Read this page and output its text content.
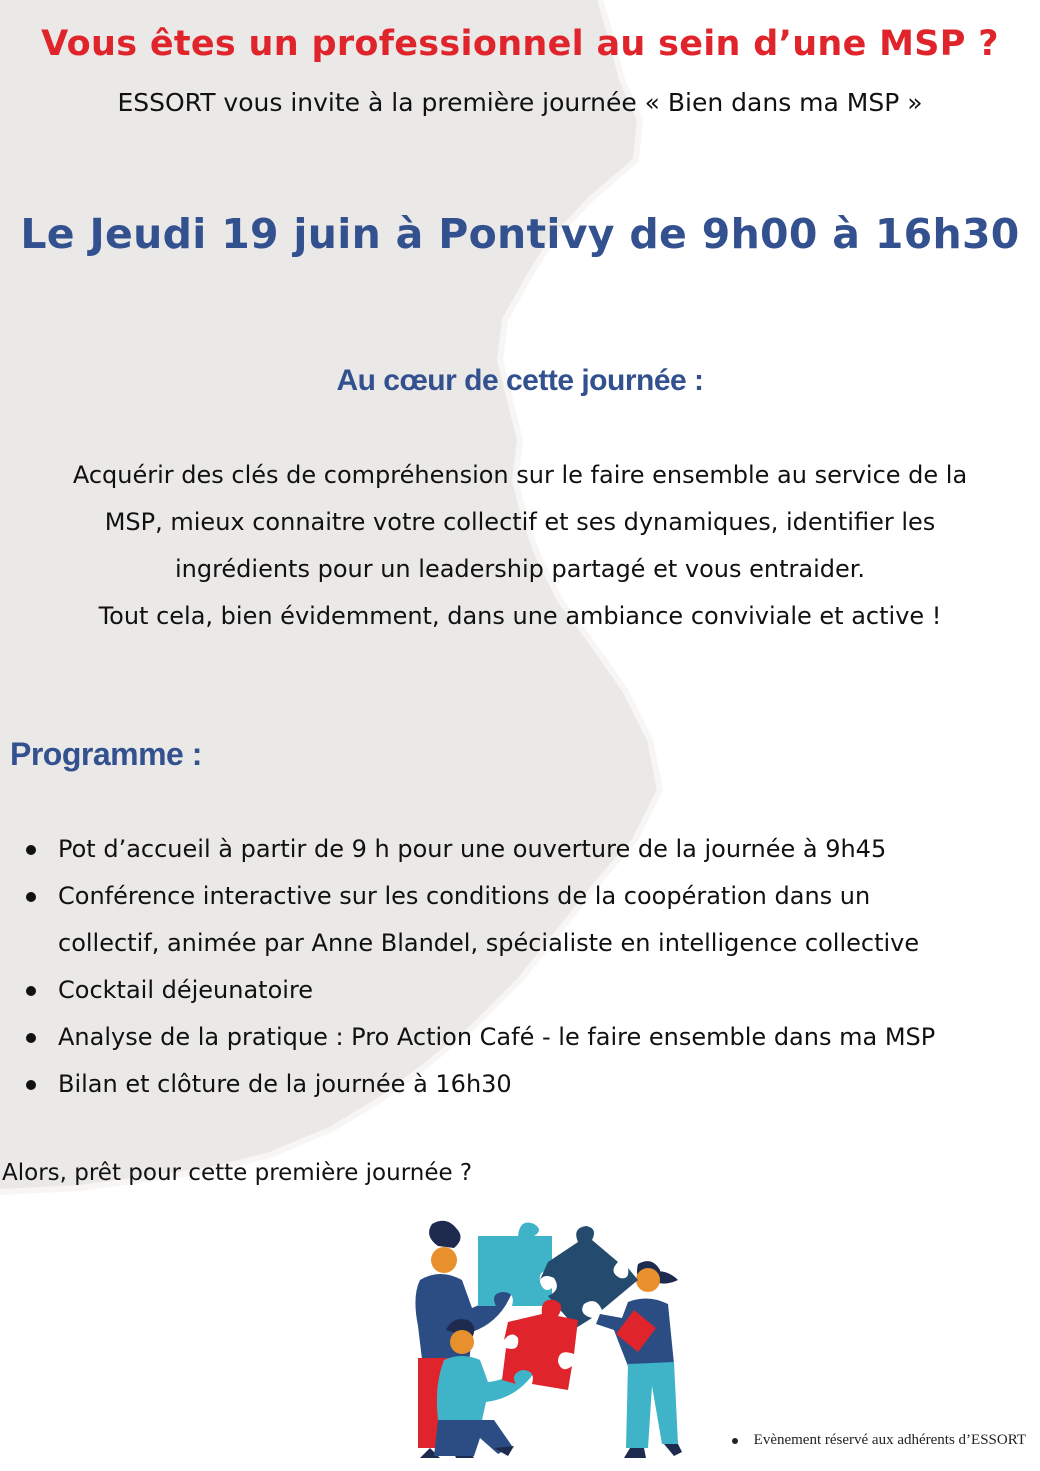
Vous êtes un professionnel au sein d’une MSP ?
ESSORT vous invite à la première journée « Bien dans ma MSP »
Le Jeudi 19 juin à Pontivy de 9h00 à 16h30
Au cœur de cette journée :

Acquérir des clés de compréhension sur le faire ensemble au service de la

MSP, mieux connaitre votre collectif et ses dynamiques, identifier les

ingrédients pour un leadership partagé et vous entraider.

Tout cela, bien évidemment, dans une ambiance conviviale et active !

Programme :
Pot d’accueil à partir de 9 h pour une ouverture de la journée à 9h45
Conférence interactive sur les conditions de la coopération dans un
collectif, animée par Anne Blandel, spécialiste en intelligence collective
Cocktail déjeunatoire
Analyse de la pratique : Pro Action Café - le faire ensemble dans ma MSP
Bilan et clôture de la journée à 16h30
Alors, prêt pour cette première journée ?
Evènement réservé aux adhérents d’ESSORT
